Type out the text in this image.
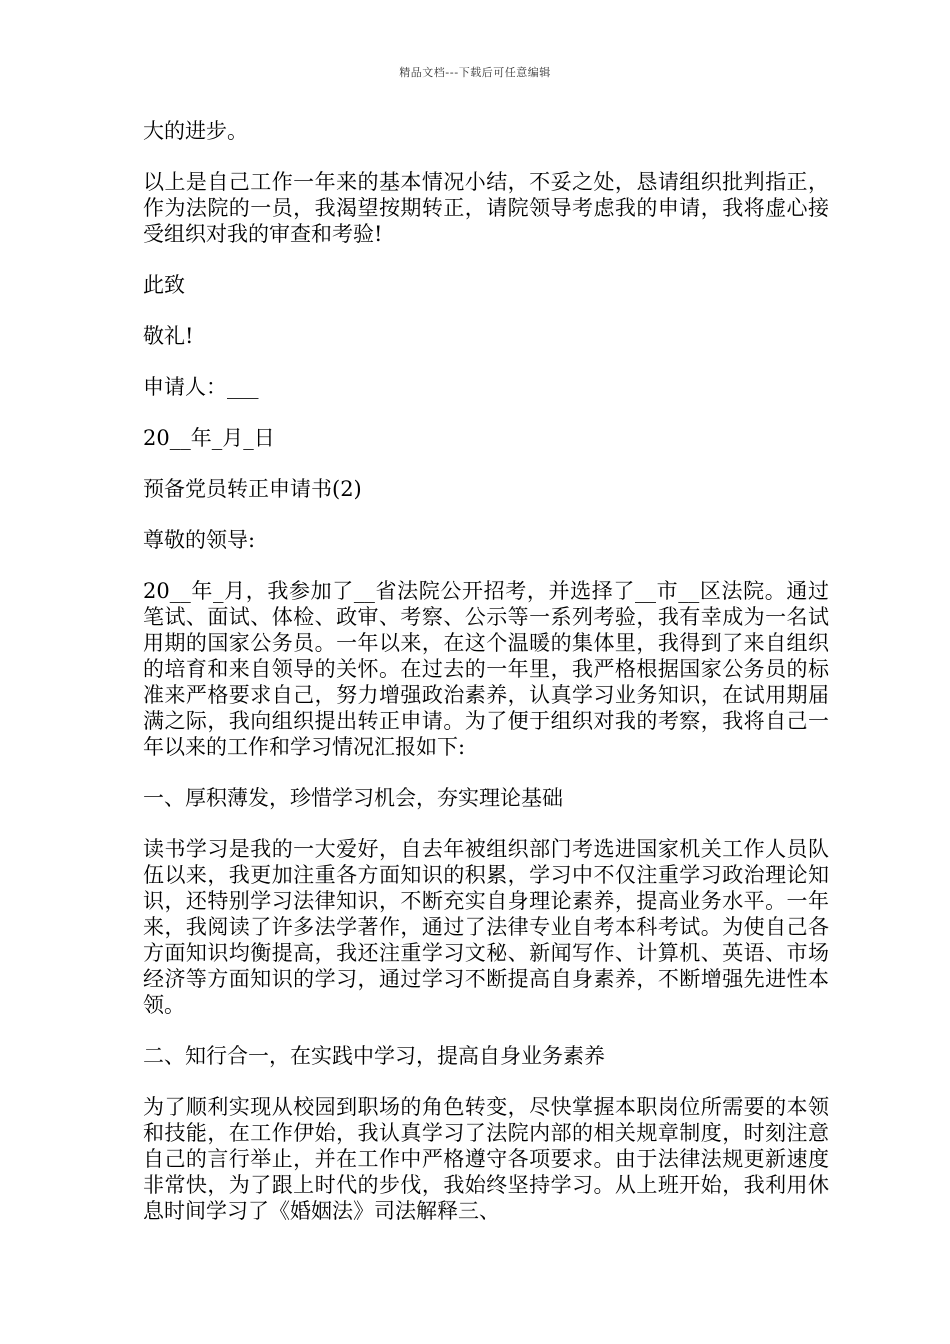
精品文档---下载后可任意编辑

大的进步。

以上是自己工作一年来的基本情况小结，不妥之处，恳请组织批判指正，作为法院的一员，我渴望按期转正，请院领导考虑我的申请，我将虚心接受组织对我的审查和考验!

此致

敬礼!

申请人：___

20__年_月_日

预备党员转正申请书(2)

尊敬的领导:

20__年_月，我参加了__省法院公开招考，并选择了__市__区法院。通过笔试、面试、体检、政审、考察、公示等一系列考验，我有幸成为一名试用期的国家公务员。一年以来，在这个温暖的集体里，我得到了来自组织的培育和来自领导的关怀。在过去的一年里，我严格根据国家公务员的标准来严格要求自己，努力增强政治素养，认真学习业务知识，在试用期届满之际，我向组织提出转正申请。为了便于组织对我的考察，我将自己一年以来的工作和学习情况汇报如下:

一、厚积薄发，珍惜学习机会，夯实理论基础

读书学习是我的一大爱好，自去年被组织部门考选进国家机关工作人员队伍以来，我更加注重各方面知识的积累，学习中不仅注重学习政治理论知识，还特别学习法律知识，不断充实自身理论素养，提高业务水平。一年来，我阅读了许多法学著作，通过了法律专业自考本科考试。为使自己各方面知识均衡提高，我还注重学习文秘、新闻写作、计算机、英语、市场经济等方面知识的学习，通过学习不断提高自身素养，不断增强先进性本领。

二、知行合一，在实践中学习，提高自身业务素养

为了顺利实现从校园到职场的角色转变，尽快掌握本职岗位所需要的本领和技能，在工作伊始，我认真学习了法院内部的相关规章制度，时刻注意自己的言行举止，并在工作中严格遵守各项要求。由于法律法规更新速度非常快，为了跟上时代的步伐，我始终坚持学习。从上班开始，我利用休息时间学习了《婚姻法》司法解释三、
